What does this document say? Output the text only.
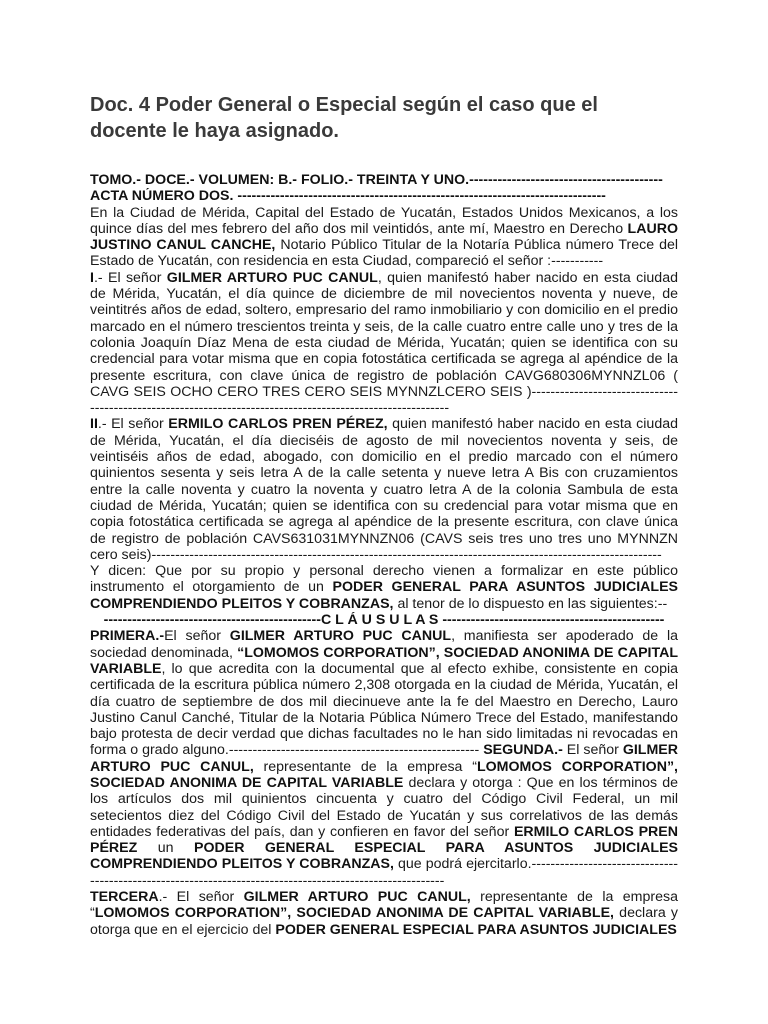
Doc. 4 Poder General o Especial según el caso que el docente le haya asignado.

TOMO.- DOCE.- VOLUMEN: B.- FOLIO.- TREINTA Y UNO.-----------------------------------------

ACTA NÚMERO DOS. ------------------------------------------------------------------------------

En la Ciudad de Mérida, Capital del Estado de Yucatán, Estados Unidos Mexicanos, a los quince días del mes febrero del año dos mil veintidós, ante mí, Maestro en Derecho LAURO JUSTINO CANUL CANCHE, Notario Público Titular de la Notaría Pública número Trece del Estado de Yucatán, con residencia en esta Ciudad, compareció el señor :-----------

I.- El señor GILMER ARTURO PUC CANUL, quien manifestó haber nacido en esta ciudad de Mérida, Yucatán, el día quince de diciembre de mil novecientos noventa y nueve, de veintitrés años de edad, soltero, empresario del ramo inmobiliario y con domicilio en el predio marcado en el número trescientos treinta y seis, de la calle cuatro entre calle uno y tres de la colonia Joaquín Díaz Mena de esta ciudad de Mérida, Yucatán; quien se identifica con su credencial para votar misma que en copia fotostática certificada se agrega al apéndice de la presente escritura, con clave única de registro de población CAVG680306MYNNZL06 ( CAVG SEIS OCHO CERO TRES CERO SEIS MYNNZLCERO SEIS )-----------------------------------------------------------------------------------------------------------

II.- El señor ERMILO CARLOS PREN PÉREZ, quien manifestó haber nacido en esta ciudad de Mérida, Yucatán, el día dieciséis de agosto de mil novecientos noventa y seis, de veintiséis años de edad, abogado, con domicilio en el predio marcado con el número quinientos sesenta y seis letra A de la calle setenta y nueve letra A Bis con cruzamientos entre la calle noventa y cuatro la noventa y cuatro letra A de la colonia Sambula de esta ciudad de Mérida, Yucatán; quien se identifica con su credencial para votar misma que en copia fotostática certificada se agrega al apéndice de la presente escritura, con clave única de registro de población CAVS631031MYNNZN06 (CAVS seis tres uno tres uno MYNNZN cero seis)------------------------------------------------------------------------------------------------------------

Y dicen: Que por su propio y personal derecho vienen a formalizar en este público instrumento el otorgamiento de un PODER GENERAL PARA ASUNTOS JUDICIALES COMPRENDIENDO PLEITOS Y COBRANZAS, al tenor de lo dispuesto en las siguientes:--

----------------------------------------------C L Á U S U L A S -----------------------------------------------

PRIMERA.-El señor GILMER ARTURO PUC CANUL, manifiesta ser apoderado de la sociedad denominada, “LOMOMOS CORPORATION”, SOCIEDAD ANONIMA DE CAPITAL VARIABLE, lo que acredita con la documental que al efecto exhibe, consistente en copia certificada de la escritura pública número 2,308 otorgada en la ciudad de Mérida, Yucatán, el día cuatro de septiembre de dos mil diecinueve ante la fe del Maestro en Derecho, Lauro Justino Canul Canché, Titular de la Notaria Pública Número Trece del Estado, manifestando bajo protesta de decir verdad que dichas facultades no le han sido limitadas ni revocadas en forma o grado alguno.----------------------------------------------------- SEGUNDA.- El señor GILMER ARTURO PUC CANUL, representante de la empresa “LOMOMOS CORPORATION”, SOCIEDAD ANONIMA DE CAPITAL VARIABLE declara y otorga : Que en los términos de los artículos dos mil quinientos cincuenta y cuatro del Código Civil Federal, un mil setecientos diez del Código Civil del Estado de Yucatán y sus correlativos de las demás entidades federativas del país, dan y confieren en favor del señor ERMILO CARLOS PREN PÉREZ un PODER GENERAL ESPECIAL PARA ASUNTOS JUDICIALES COMPRENDIENDO PLEITOS Y COBRANZAS, que podrá ejercitarlo.----------------------------------------------------------------------------------------------------------

TERCERA.- El señor GILMER ARTURO PUC CANUL, representante de la empresa “LOMOMOS CORPORATION”, SOCIEDAD ANONIMA DE CAPITAL VARIABLE, declara y otorga que en el ejercicio del PODER GENERAL ESPECIAL PARA ASUNTOS JUDICIALES
